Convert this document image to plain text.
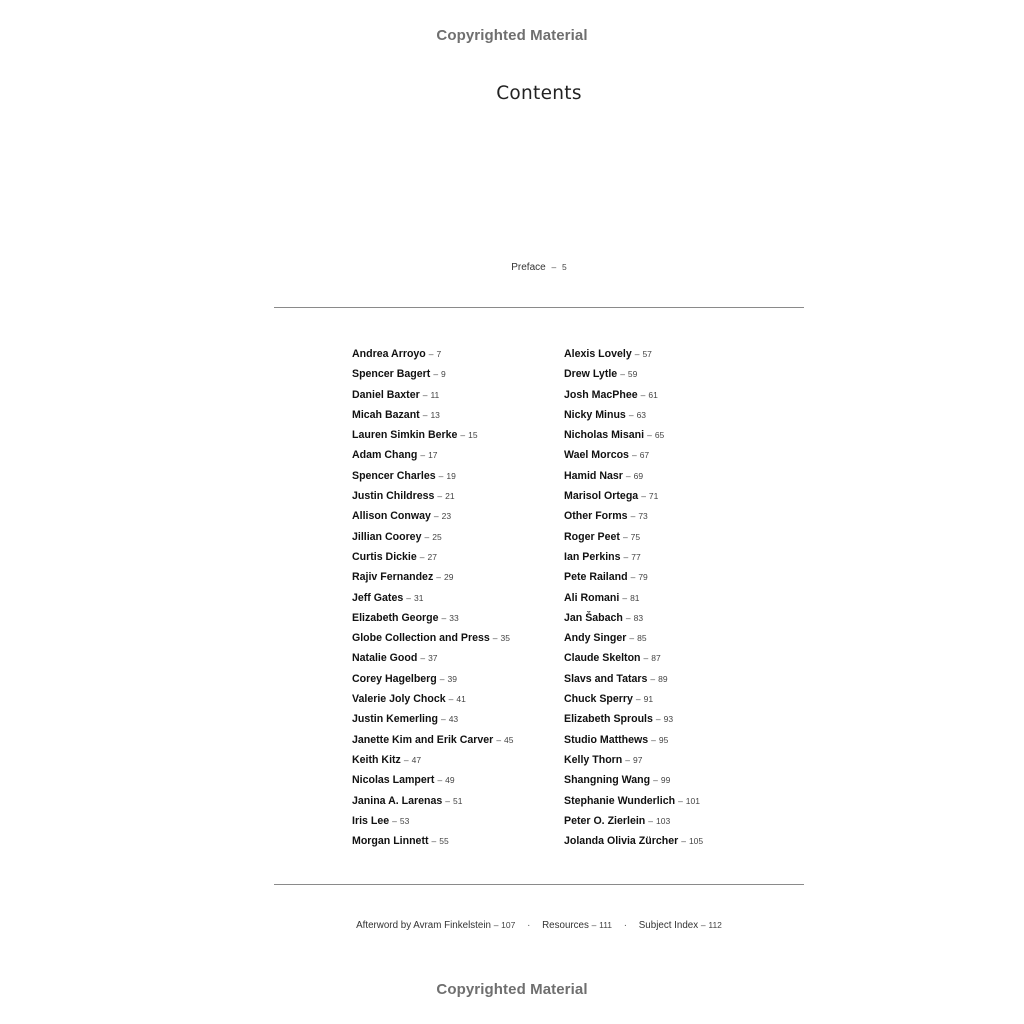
Copyrighted Material
Contents
Preface – 5
Andrea Arroyo – 7
Spencer Bagert – 9
Daniel Baxter – 11
Micah Bazant – 13
Lauren Simkin Berke – 15
Adam Chang – 17
Spencer Charles – 19
Justin Childress – 21
Allison Conway – 23
Jillian Coorey – 25
Curtis Dickie – 27
Rajiv Fernandez – 29
Jeff Gates – 31
Elizabeth George – 33
Globe Collection and Press – 35
Natalie Good – 37
Corey Hagelberg – 39
Valerie Joly Chock – 41
Justin Kemerling – 43
Janette Kim and Erik Carver – 45
Keith Kitz – 47
Nicolas Lampert – 49
Janina A. Larenas – 51
Iris Lee – 53
Morgan Linnett – 55
Alexis Lovely – 57
Drew Lytle – 59
Josh MacPhee – 61
Nicky Minus – 63
Nicholas Misani – 65
Wael Morcos – 67
Hamid Nasr – 69
Marisol Ortega – 71
Other Forms – 73
Roger Peet – 75
Ian Perkins – 77
Pete Railand – 79
Ali Romani – 81
Jan Šabach – 83
Andy Singer – 85
Claude Skelton – 87
Slavs and Tatars – 89
Chuck Sperry – 91
Elizabeth Sprouls – 93
Studio Matthews – 95
Kelly Thorn – 97
Shangning Wang – 99
Stephanie Wunderlich – 101
Peter O. Zierlein – 103
Jolanda Olivia Zürcher – 105
Afterword by Avram Finkelstein – 107 · Resources – 111 · Subject Index – 112
Copyrighted Material
